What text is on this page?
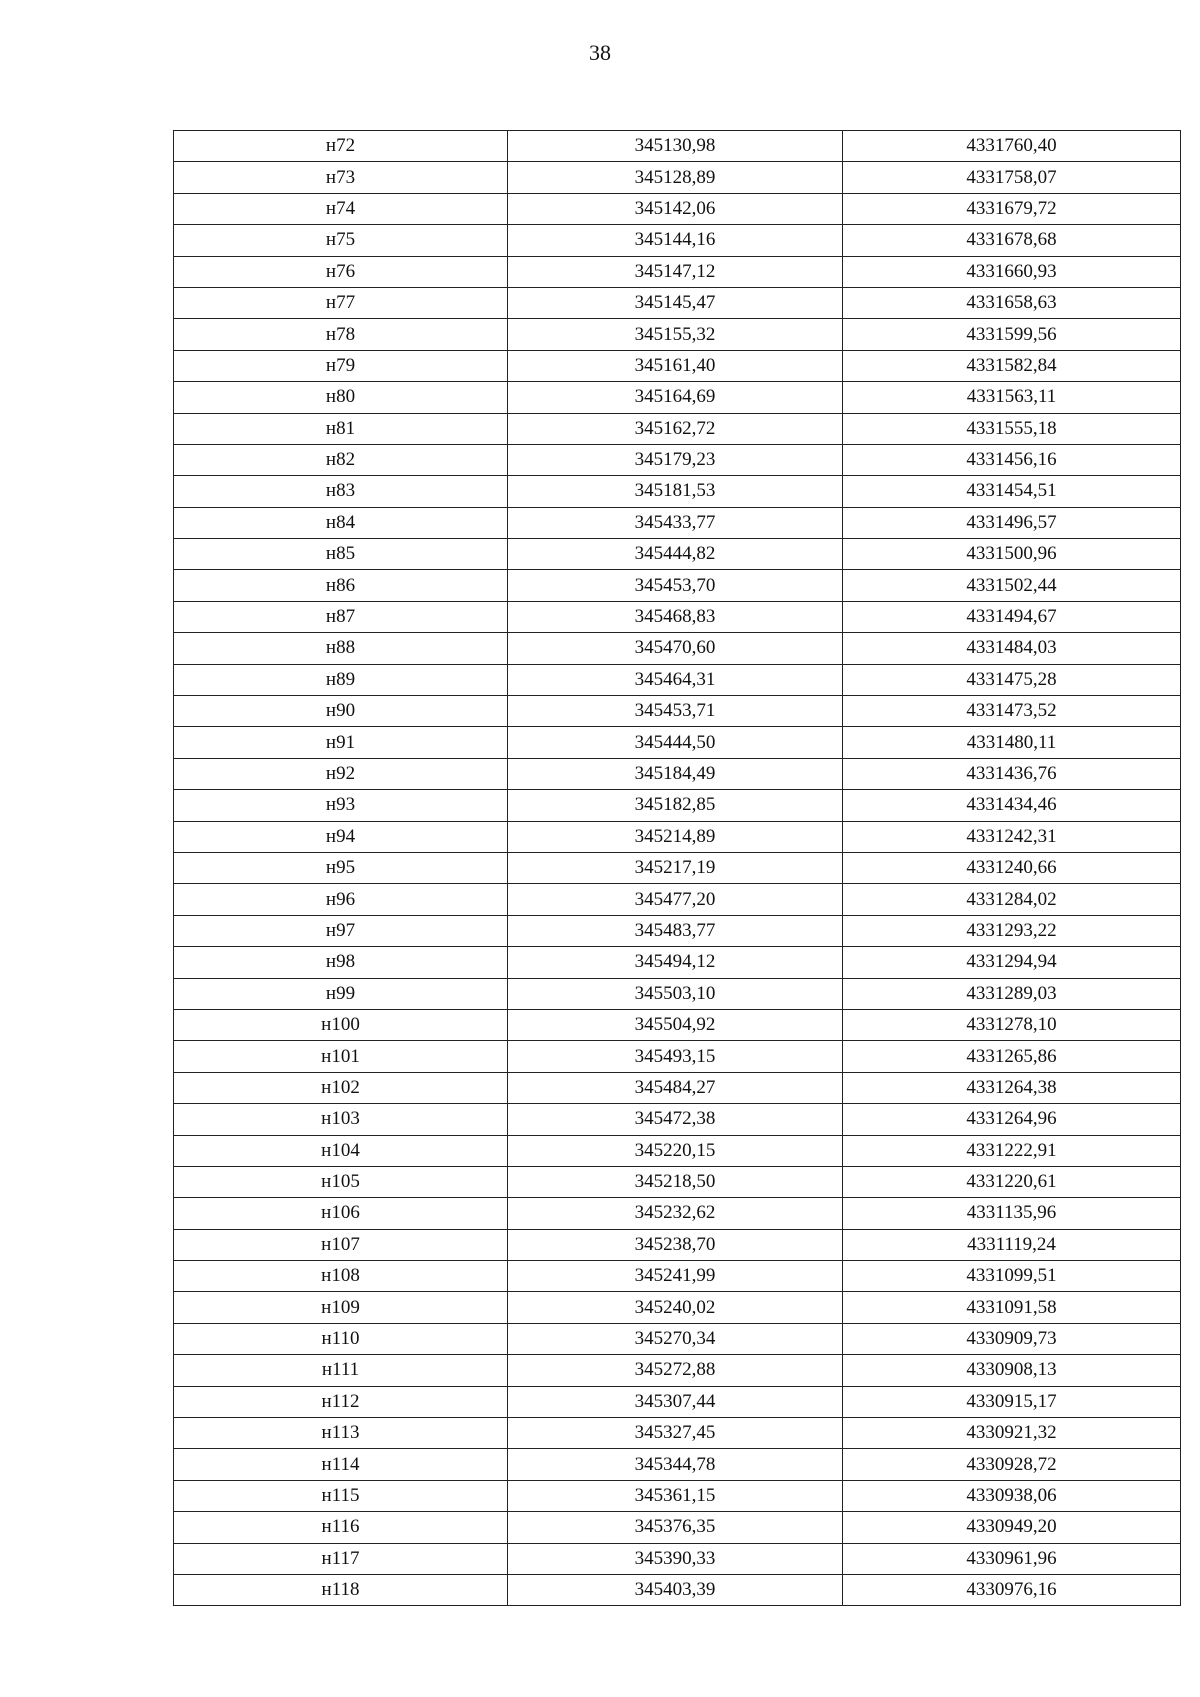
38
н72	345130,98	4331760,40
н73	345128,89	4331758,07
н74	345142,06	4331679,72
н75	345144,16	4331678,68
н76	345147,12	4331660,93
н77	345145,47	4331658,63
н78	345155,32	4331599,56
н79	345161,40	4331582,84
н80	345164,69	4331563,11
н81	345162,72	4331555,18
н82	345179,23	4331456,16
н83	345181,53	4331454,51
н84	345433,77	4331496,57
н85	345444,82	4331500,96
н86	345453,70	4331502,44
н87	345468,83	4331494,67
н88	345470,60	4331484,03
н89	345464,31	4331475,28
н90	345453,71	4331473,52
н91	345444,50	4331480,11
н92	345184,49	4331436,76
н93	345182,85	4331434,46
н94	345214,89	4331242,31
н95	345217,19	4331240,66
н96	345477,20	4331284,02
н97	345483,77	4331293,22
н98	345494,12	4331294,94
н99	345503,10	4331289,03
н100	345504,92	4331278,10
н101	345493,15	4331265,86
н102	345484,27	4331264,38
н103	345472,38	4331264,96
н104	345220,15	4331222,91
н105	345218,50	4331220,61
н106	345232,62	4331135,96
н107	345238,70	4331119,24
н108	345241,99	4331099,51
н109	345240,02	4331091,58
н110	345270,34	4330909,73
н111	345272,88	4330908,13
н112	345307,44	4330915,17
н113	345327,45	4330921,32
н114	345344,78	4330928,72
н115	345361,15	4330938,06
н116	345376,35	4330949,20
н117	345390,33	4330961,96
н118	345403,39	4330976,16
